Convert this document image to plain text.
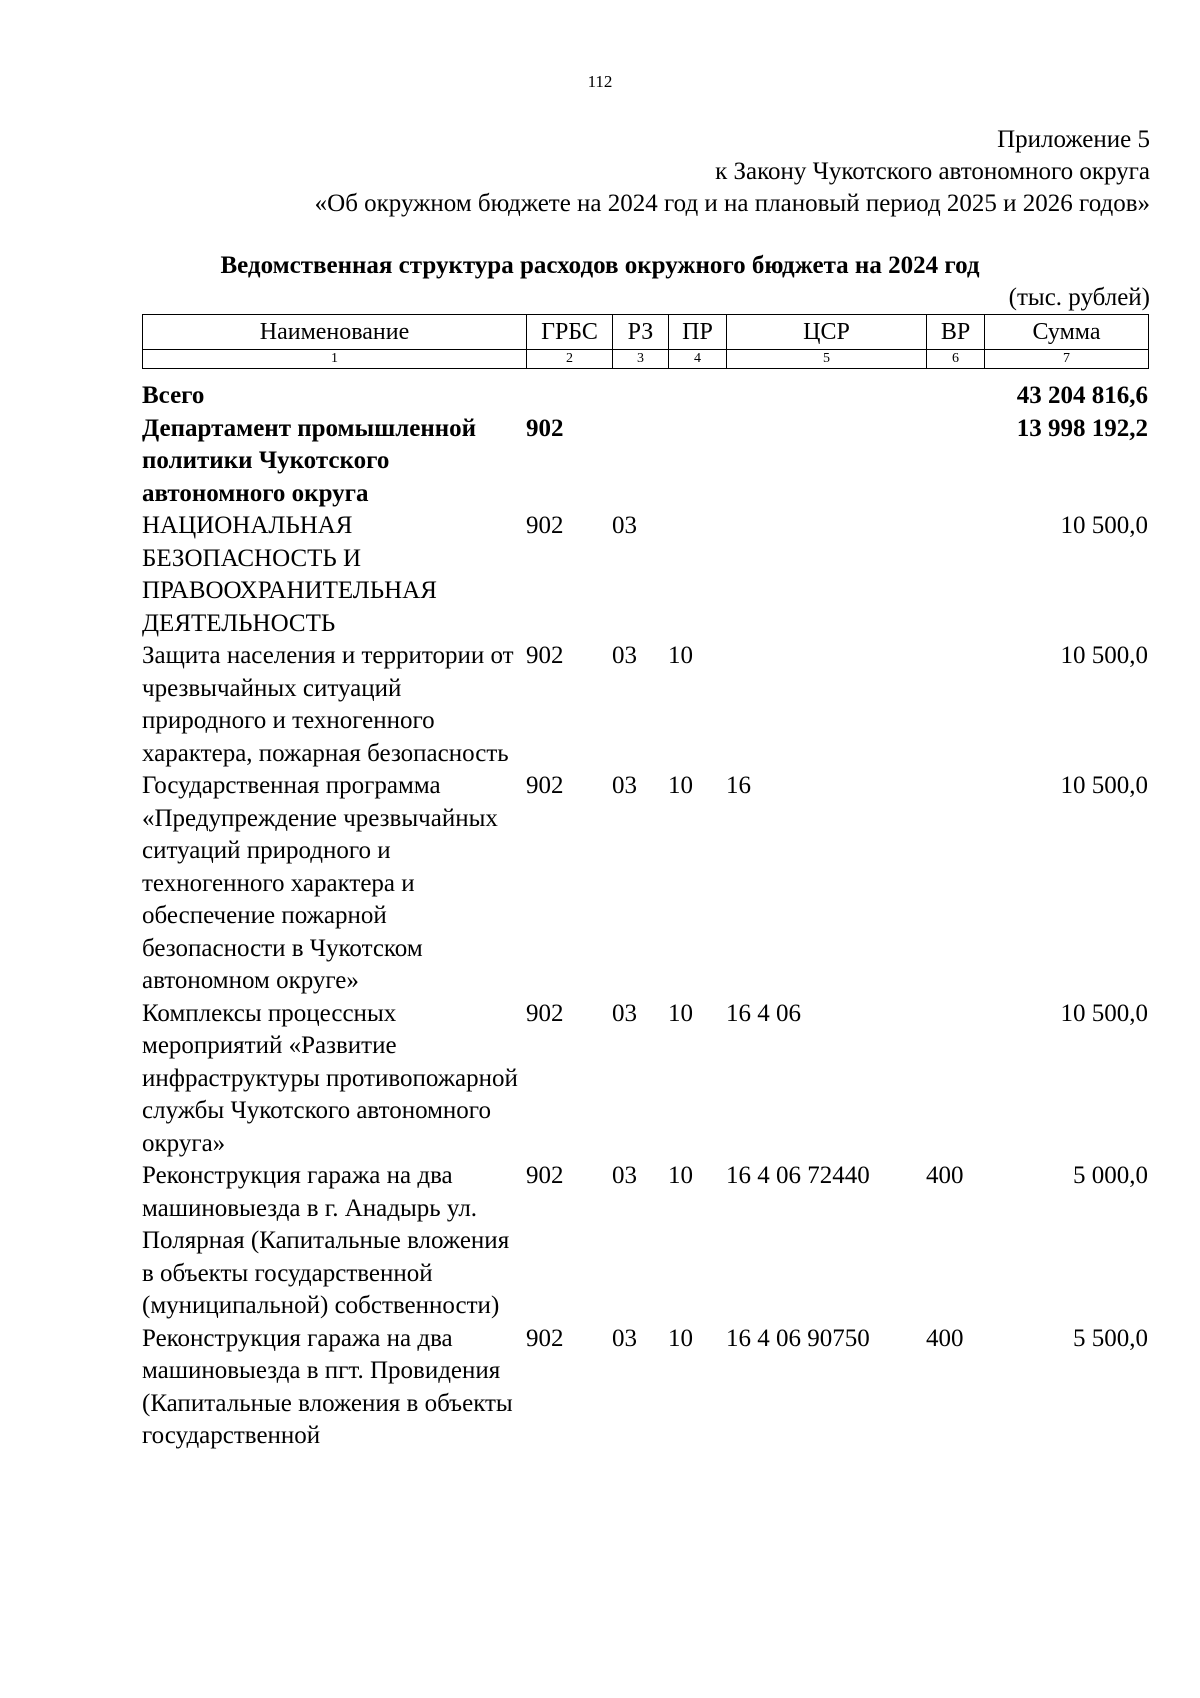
112
Приложение 5
к Закону Чукотского автономного округа
«Об окружном бюджете на 2024 год и на плановый период 2025 и 2026 годов»
Ведомственная структура расходов окружного бюджета на 2024 год
(тыс. рублей)
Наименование	ГРБС	РЗ	ПР	ЦСР	ВР	Сумма
1	2	3	4	5	6	7
Всего						43 204 816,6
Департамент промышленной политики Чукотского автономного округа	902					13 998 192,2
НАЦИОНАЛЬНАЯ БЕЗОПАСНОСТЬ И ПРАВООХРАНИТЕЛЬНАЯ ДЕЯТЕЛЬНОСТЬ	902	03				10 500,0
Защита населения и территории от чрезвычайных ситуаций природного и техногенного характера, пожарная безопасность	902	03	10			10 500,0
Государственная программа «Предупреждение чрезвычайных ситуаций природного и техногенного характера и обеспечение пожарной безопасности в Чукотском автономном округе»	902	03	10	16		10 500,0
Комплексы процессных мероприятий «Развитие инфраструктуры противопожарной службы Чукотского автономного округа»	902	03	10	16 4 06		10 500,0
Реконструкция гаража на два машиновыезда в г. Анадырь ул. Полярная (Капитальные вложения в объекты государственной (муниципальной) собственности)	902	03	10	16 4 06 72440	400	5 000,0
Реконструкция гаража на два машиновыезда в пгт. Провидения (Капитальные вложения в объекты государственной	902	03	10	16 4 06 90750	400	5 500,0
